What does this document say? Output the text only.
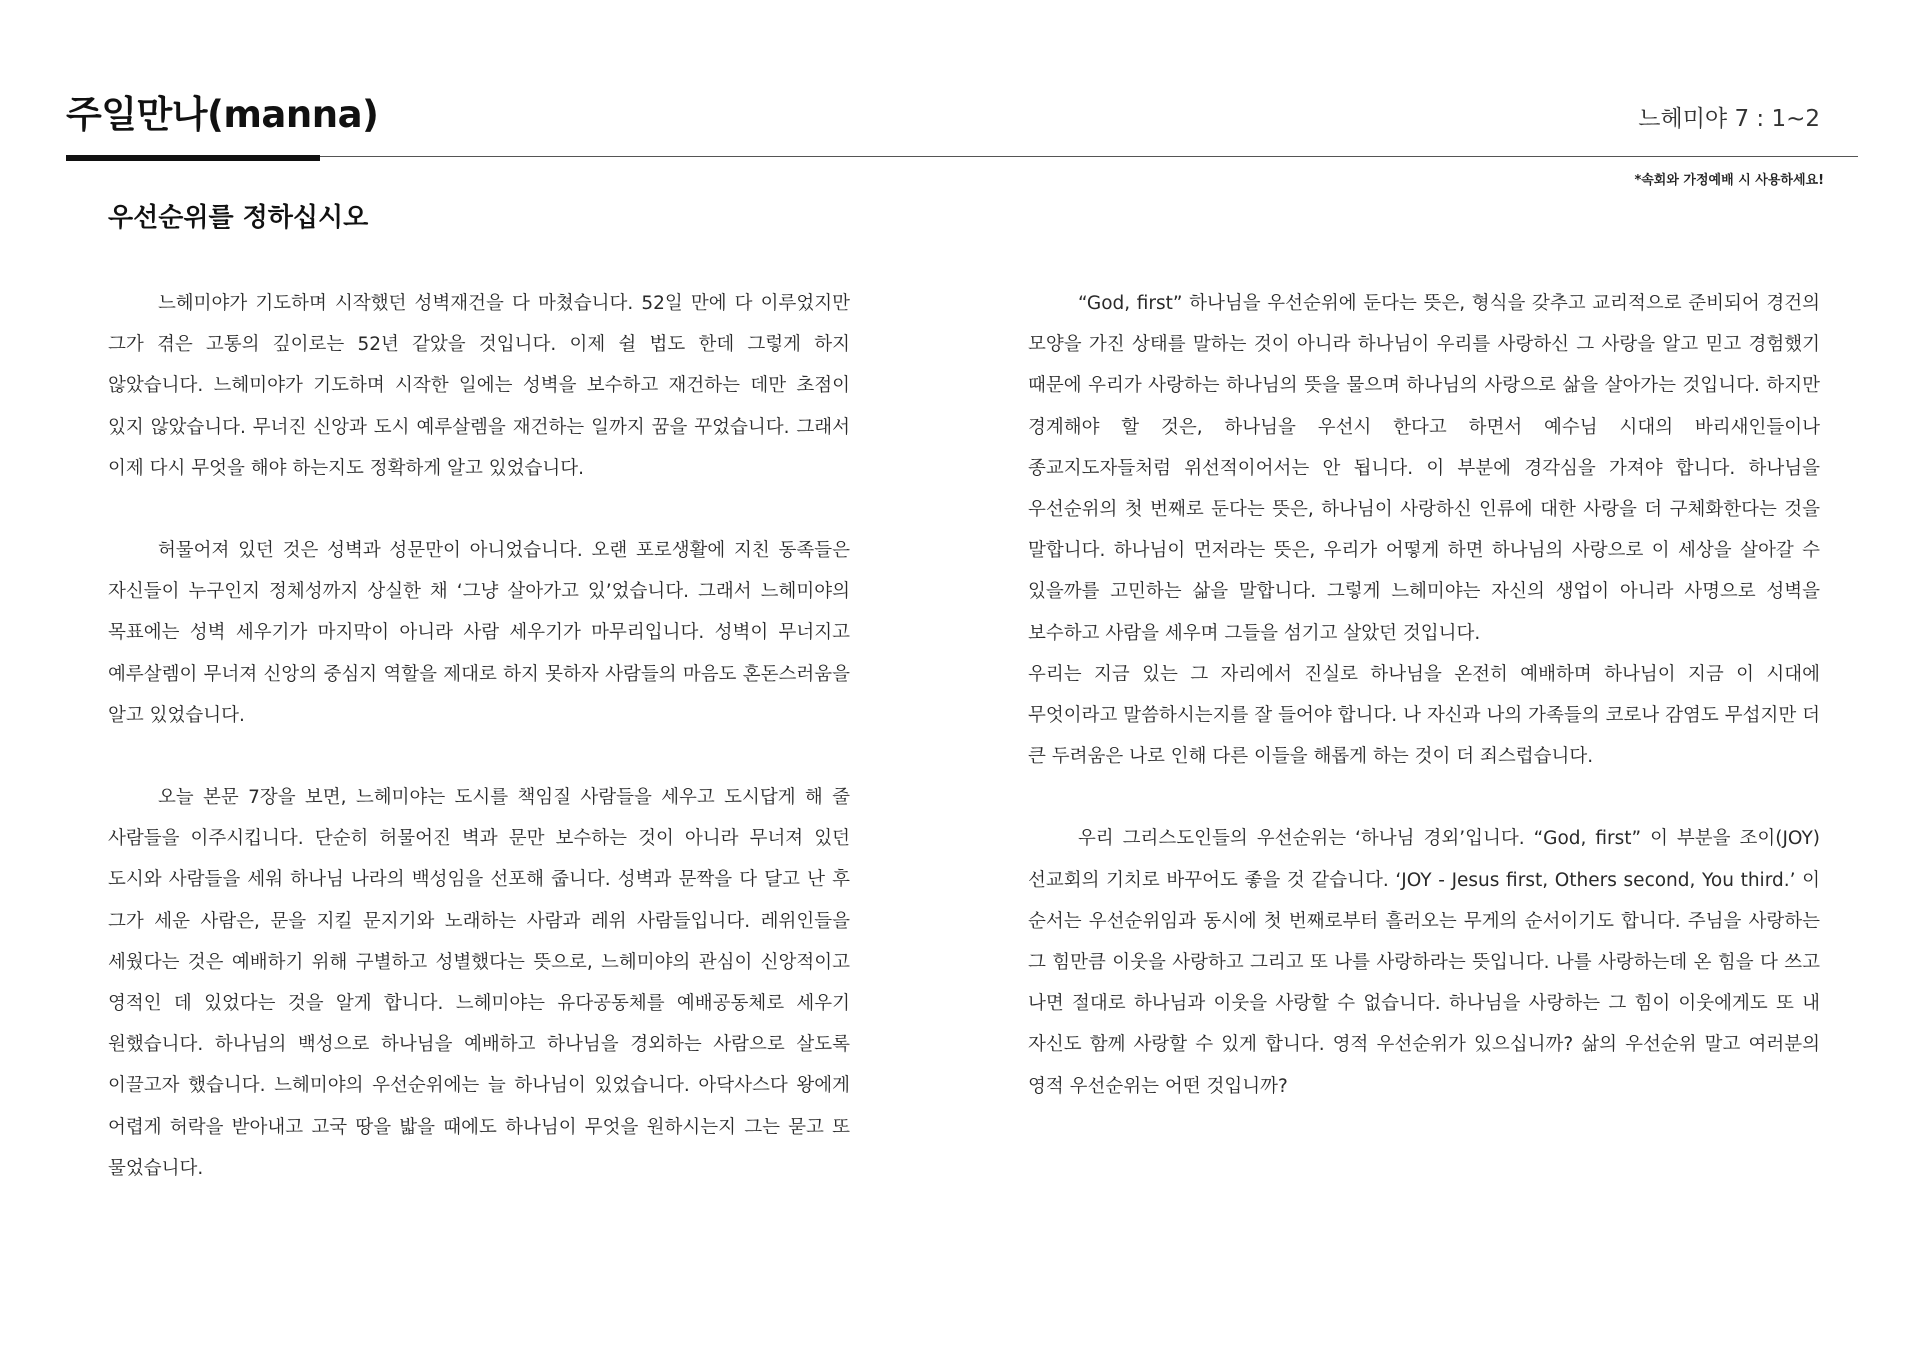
주일만나(manna)	느헤미야 7 : 1~2
*속회와 가정예배 시 사용하세요!
우선순위를 정하십시오

느헤미야가 기도하며 시작했던 성벽재건을 다 마쳤습니다. 52일 만에 다 이루었지만 그가 겪은 고통의 깊이로는 52년 같았을 것입니다. 이제 쉴 법도 한데 그렇게 하지 않았습니다. 느헤미야가 기도하며 시작한 일에는 성벽을 보수하고 재건하는 데만 초점이 있지 않았습니다. 무너진 신앙과 도시 예루살렘을 재건하는 일까지 꿈을 꾸었습니다. 그래서 이제 다시 무엇을 해야 하는지도 정확하게 알고 있었습니다.

허물어져 있던 것은 성벽과 성문만이 아니었습니다. 오랜 포로생활에 지친 동족들은 자신들이 누구인지 정체성까지 상실한 채 ‘그냥 살아가고 있’었습니다. 그래서 느헤미야의 목표에는 성벽 세우기가 마지막이 아니라 사람 세우기가 마무리입니다. 성벽이 무너지고 예루살렘이 무너져 신앙의 중심지 역할을 제대로 하지 못하자 사람들의 마음도 혼돈스러움을 알고 있었습니다.

오늘 본문 7장을 보면, 느헤미야는 도시를 책임질 사람들을 세우고 도시답게 해 줄 사람들을 이주시킵니다. 단순히 허물어진 벽과 문만 보수하는 것이 아니라 무너져 있던 도시와 사람들을 세워 하나님 나라의 백성임을 선포해 줍니다. 성벽과 문짝을 다 달고 난 후 그가 세운 사람은, 문을 지킬 문지기와 노래하는 사람과 레위 사람들입니다. 레위인들을 세웠다는 것은 예배하기 위해 구별하고 성별했다는 뜻으로, 느헤미야의 관심이 신앙적이고 영적인 데 있었다는 것을 알게 합니다. 느헤미야는 유다공동체를 예배공동체로 세우기 원했습니다. 하나님의 백성으로 하나님을 예배하고 하나님을 경외하는 사람으로 살도록 이끌고자 했습니다. 느헤미야의 우선순위에는 늘 하나님이 있었습니다. 아닥사스다 왕에게 어렵게 허락을 받아내고 고국 땅을 밟을 때에도 하나님이 무엇을 원하시는지 그는 묻고 또 물었습니다.

“God, first” 하나님을 우선순위에 둔다는 뜻은, 형식을 갖추고 교리적으로 준비되어 경건의 모양을 가진 상태를 말하는 것이 아니라 하나님이 우리를 사랑하신 그 사랑을 알고 믿고 경험했기 때문에 우리가 사랑하는 하나님의 뜻을 물으며 하나님의 사랑으로 삶을 살아가는 것입니다. 하지만 경계해야 할 것은, 하나님을 우선시 한다고 하면서 예수님 시대의 바리새인들이나 종교지도자들처럼 위선적이어서는 안 됩니다. 이 부분에 경각심을 가져야 합니다. 하나님을 우선순위의 첫 번째로 둔다는 뜻은, 하나님이 사랑하신 인류에 대한 사랑을 더 구체화한다는 것을 말합니다. 하나님이 먼저라는 뜻은, 우리가 어떻게 하면 하나님의 사랑으로 이 세상을 살아갈 수 있을까를 고민하는 삶을 말합니다. 그렇게 느헤미야는 자신의 생업이 아니라 사명으로 성벽을 보수하고 사람을 세우며 그들을 섬기고 살았던 것입니다.

우리는 지금 있는 그 자리에서 진실로 하나님을 온전히 예배하며 하나님이 지금 이 시대에 무엇이라고 말씀하시는지를 잘 들어야 합니다. 나 자신과 나의 가족들의 코로나 감염도 무섭지만 더 큰 두려움은 나로 인해 다른 이들을 해롭게 하는 것이 더 죄스럽습니다.

우리 그리스도인들의 우선순위는 ‘하나님 경외’입니다. “God, first” 이 부분을 조이(JOY)선교회의 기치로 바꾸어도 좋을 것 같습니다. ‘JOY - Jesus first, Others second, You third.’ 이 순서는 우선순위임과 동시에 첫 번째로부터 흘러오는 무게의 순서이기도 합니다. 주님을 사랑하는 그 힘만큼 이웃을 사랑하고 그리고 또 나를 사랑하라는 뜻입니다. 나를 사랑하는데 온 힘을 다 쓰고 나면 절대로 하나님과 이웃을 사랑할 수 없습니다. 하나님을 사랑하는 그 힘이 이웃에게도 또 내 자신도 함께 사랑할 수 있게 합니다. 영적 우선순위가 있으십니까? 삶의 우선순위 말고 여러분의 영적 우선순위는 어떤 것입니까?
